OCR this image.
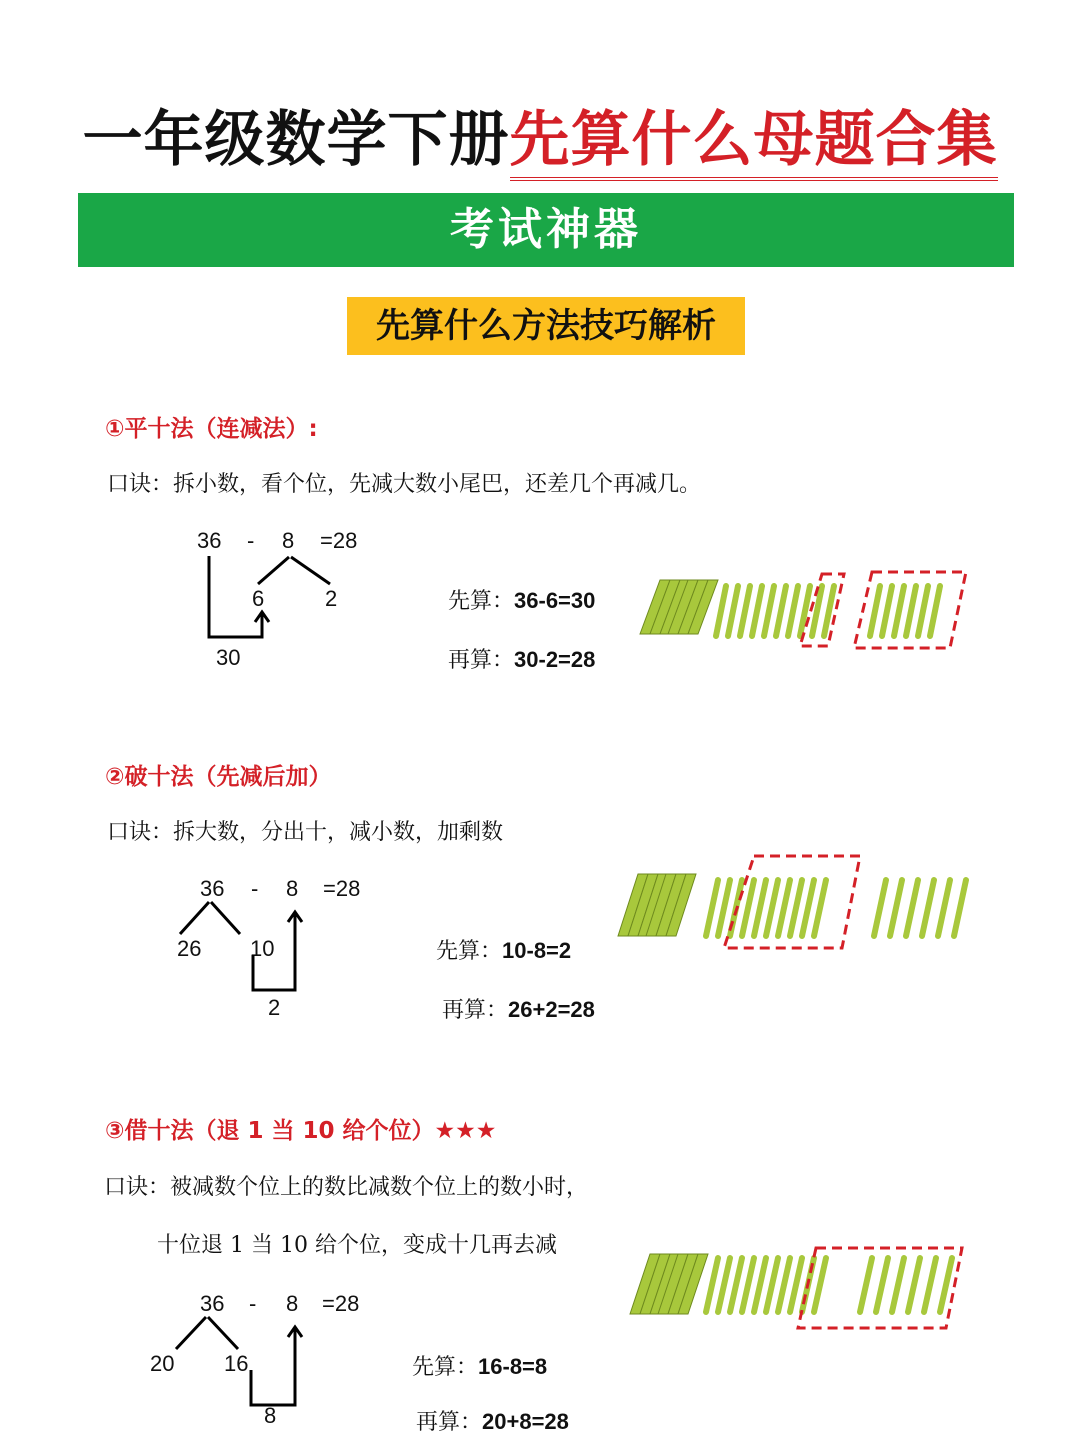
一年级数学下册先算什么母题合集
考试神器
先算什么方法技巧解析
①平十法（连减法）:
口诀：拆小数，看个位，先减大数小尾巴，还差几个再减几。
36 - 8 =28
6	2
30
先算：36-6=30
再算：30-2=28
②破十法（先减后加）
口诀：拆大数，分出十，减小数，加剩数
36 - 8 =28
26 10
2
先算：10-8=2
再算：26+2=28
③借十法（退 1 当 10 给个位）★★★
口诀：被减数个位上的数比减数个位上的数小时，
十位退 1 当 10 给个位，变成十几再去减
36 - 8 =28
20 16
8
先算：16-8=8
再算：20+8=28
